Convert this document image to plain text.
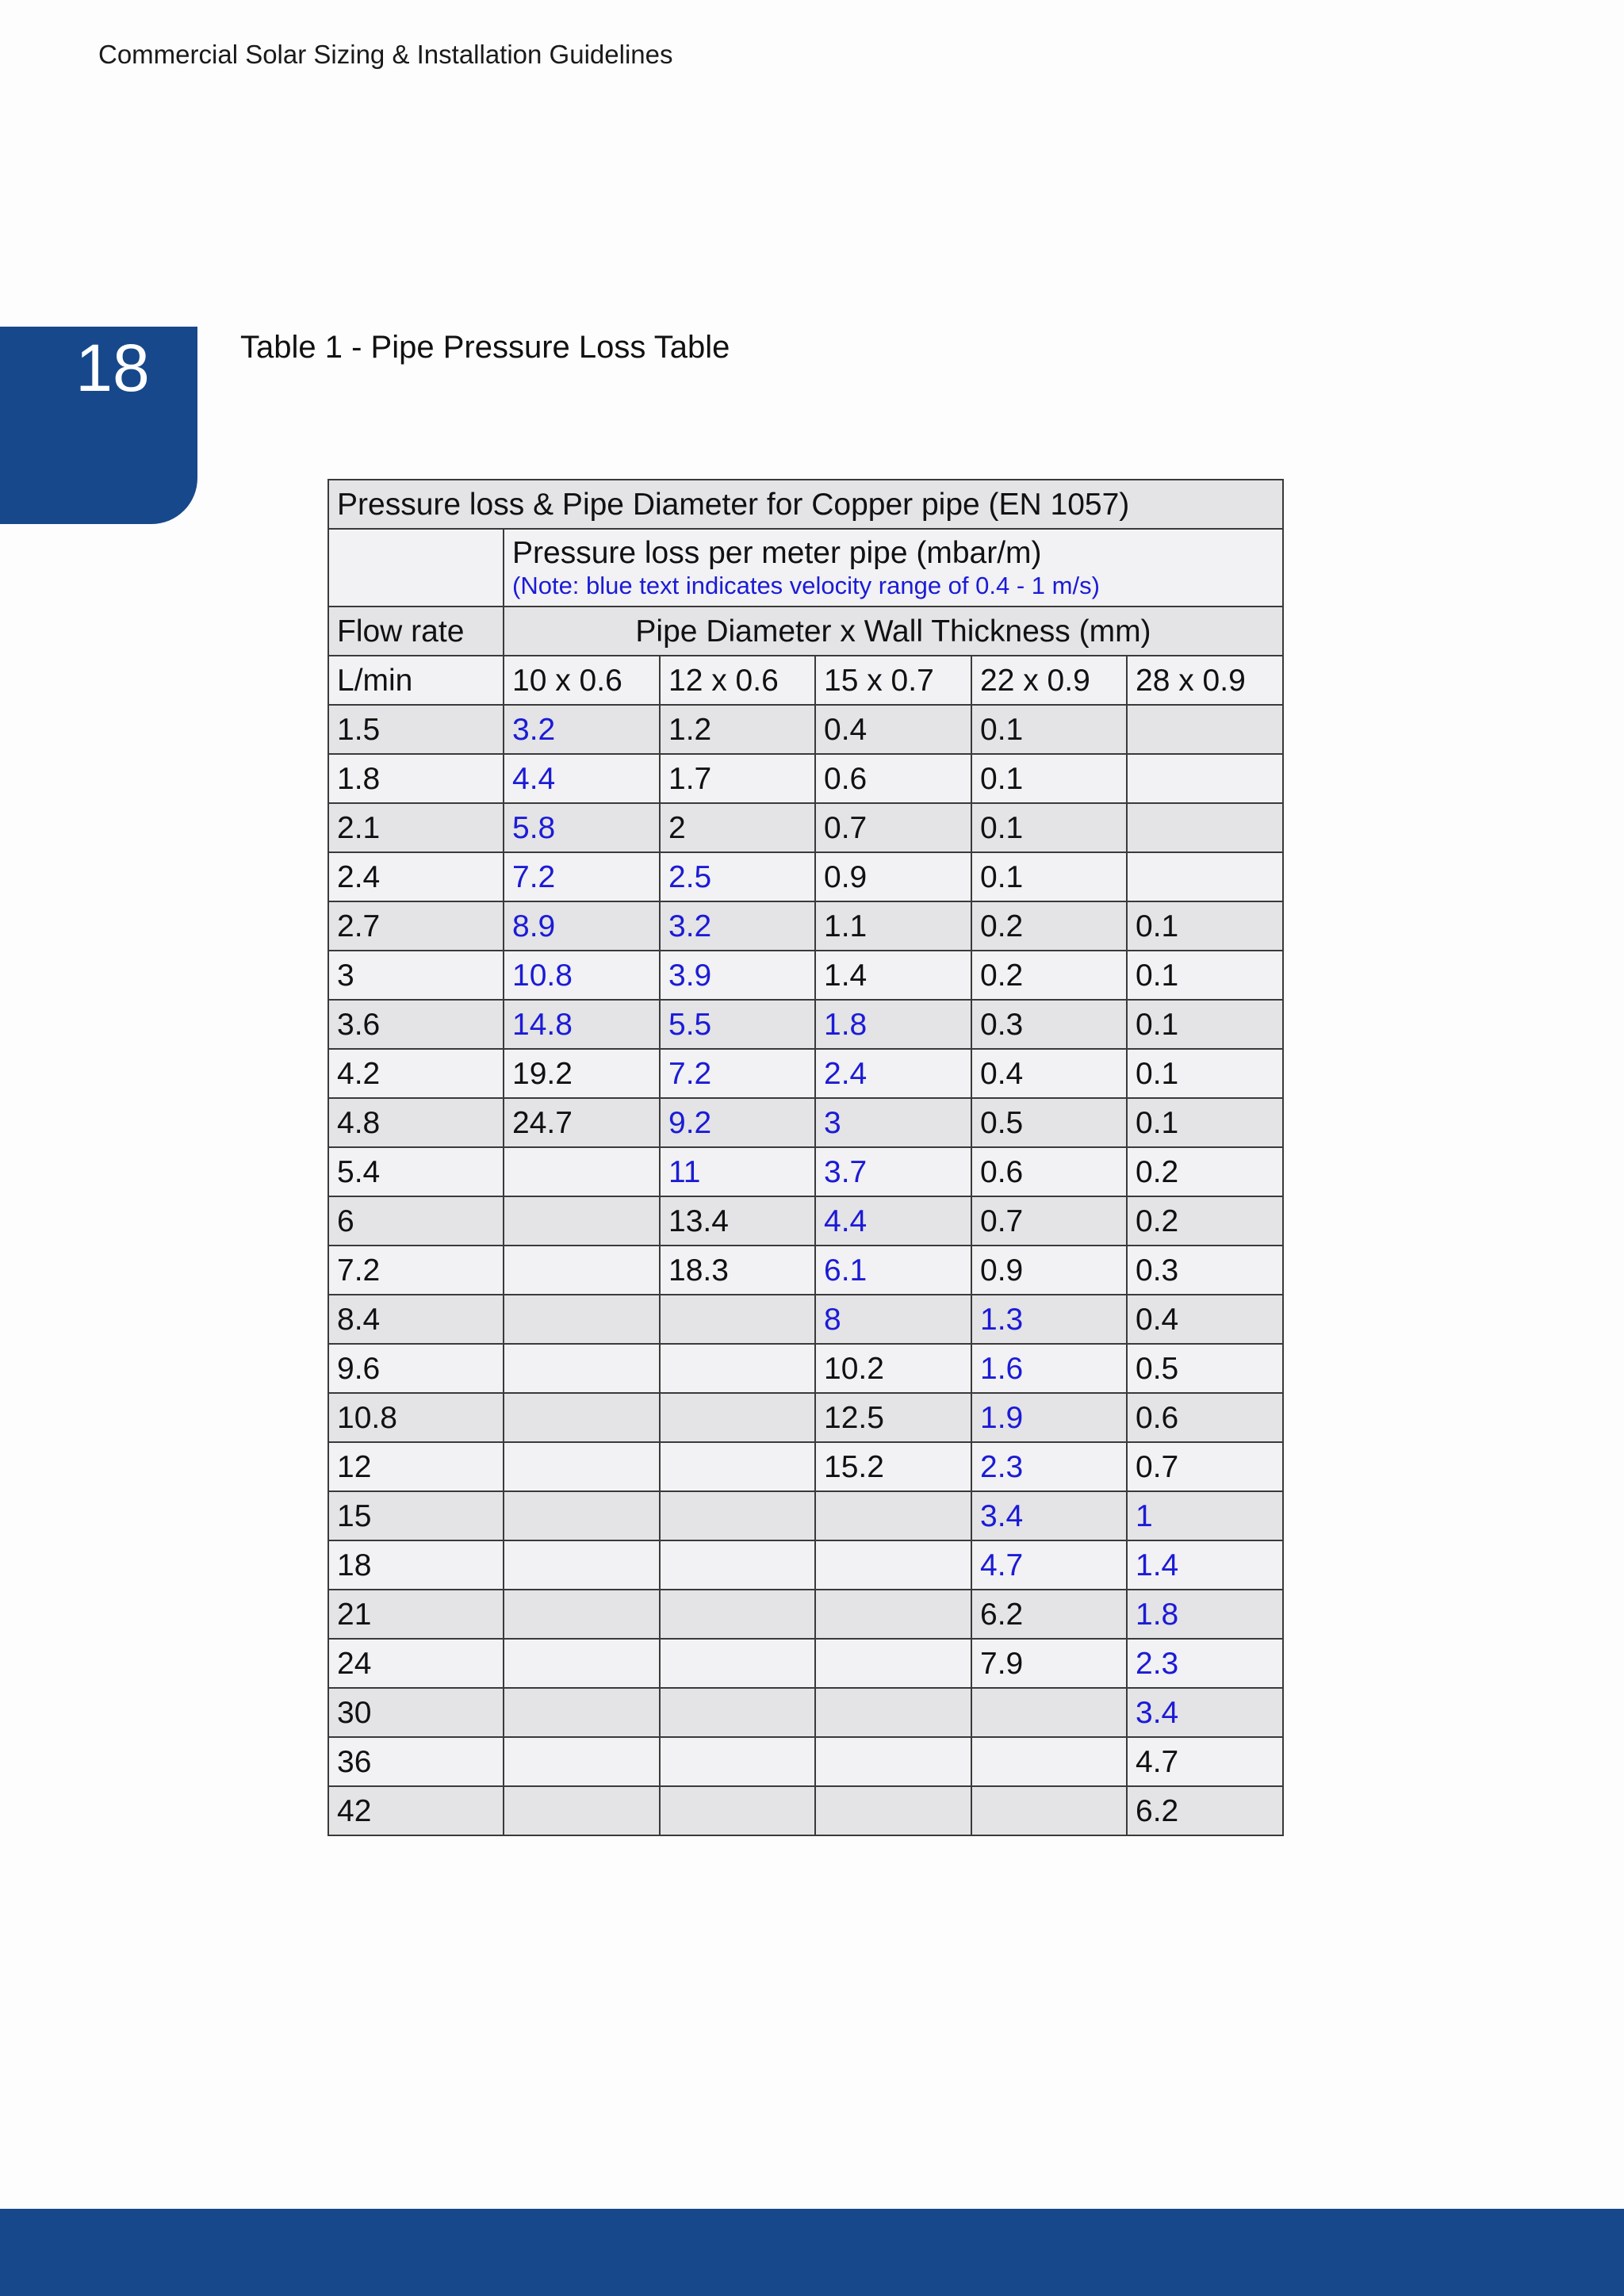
Commercial Solar Sizing & Installation Guidelines
18	Table 1 - Pipe Pressure Loss Table
Pressure loss & Pipe Diameter for Copper pipe (EN 1057)					

	Pressure loss per meter pipe (mbar/m)
(Note: blue text indicates velocity range of 0.4 - 1 m/s)				

Flow rate	Pipe Diameter x Wall Thickness (mm)				
L/min	10 x 0.6	12 x 0.6	15 x 0.7	22 x 0.9	28 x 0.9
1.5	3.2	1.2	0.4	0.1	
1.8	4.4	1.7	0.6	0.1	
2.1	5.8	2	0.7	0.1	
2.4	7.2	2.5	0.9	0.1	
2.7	8.9	3.2	1.1	0.2	0.1
3	10.8	3.9	1.4	0.2	0.1
3.6	14.8	5.5	1.8	0.3	0.1
4.2	19.2	7.2	2.4	0.4	0.1
4.8	24.7	9.2	3	0.5	0.1
5.4		11	3.7	0.6	0.2
6		13.4	4.4	0.7	0.2
7.2		18.3	6.1	0.9	0.3
8.4			8	1.3	0.4
9.6			10.2	1.6	0.5
10.8			12.5	1.9	0.6
12			15.2	2.3	0.7
15				3.4	1
18				4.7	1.4
21				6.2	1.8
24				7.9	2.3
30					3.4
36					4.7
42					6.2
